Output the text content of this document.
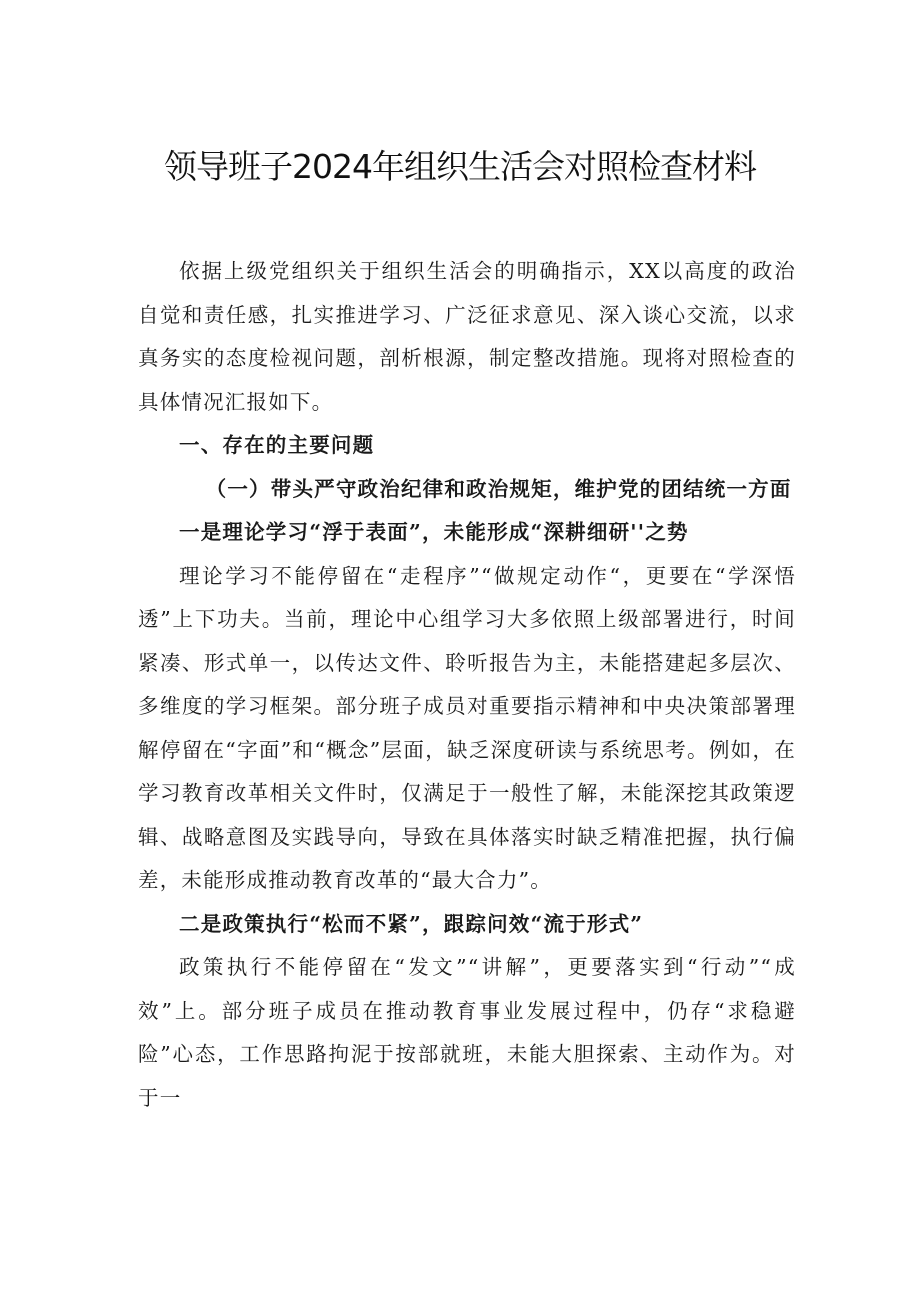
领导班子2024年组织生活会对照检查材料

依据上级党组织关于组织生活会的明确指示，XX以高度的政治自觉和责任感，扎实推进学习、广泛征求意见、深入谈心交流，以求真务实的态度检视问题，剖析根源，制定整改措施。现将对照检查的具体情况汇报如下。

一、存在的主要问题

（一）带头严守政治纪律和政治规矩，维护党的团结统一方面

一是理论学习“浮于表面”，未能形成“深耕细研''之势

理论学习不能停留在“走程序”“做规定动作“，更要在“学深悟透”上下功夫。当前，理论中心组学习大多依照上级部署进行，时间紧凑、形式单一，以传达文件、聆听报告为主，未能搭建起多层次、多维度的学习框架。部分班子成员对重要指示精神和中央决策部署理解停留在“字面”和“概念”层面，缺乏深度研读与系统思考。例如，在学习教育改革相关文件时，仅满足于一般性了解，未能深挖其政策逻辑、战略意图及实践导向，导致在具体落实时缺乏精准把握，执行偏差，未能形成推动教育改革的“最大合力”。

二是政策执行“松而不紧”，跟踪问效“流于形式”

政策执行不能停留在“发文”“讲解”，更要落实到“行动”“成效”上。部分班子成员在推动教育事业发展过程中，仍存“求稳避险”心态，工作思路拘泥于按部就班，未能大胆探索、主动作为。对于一
